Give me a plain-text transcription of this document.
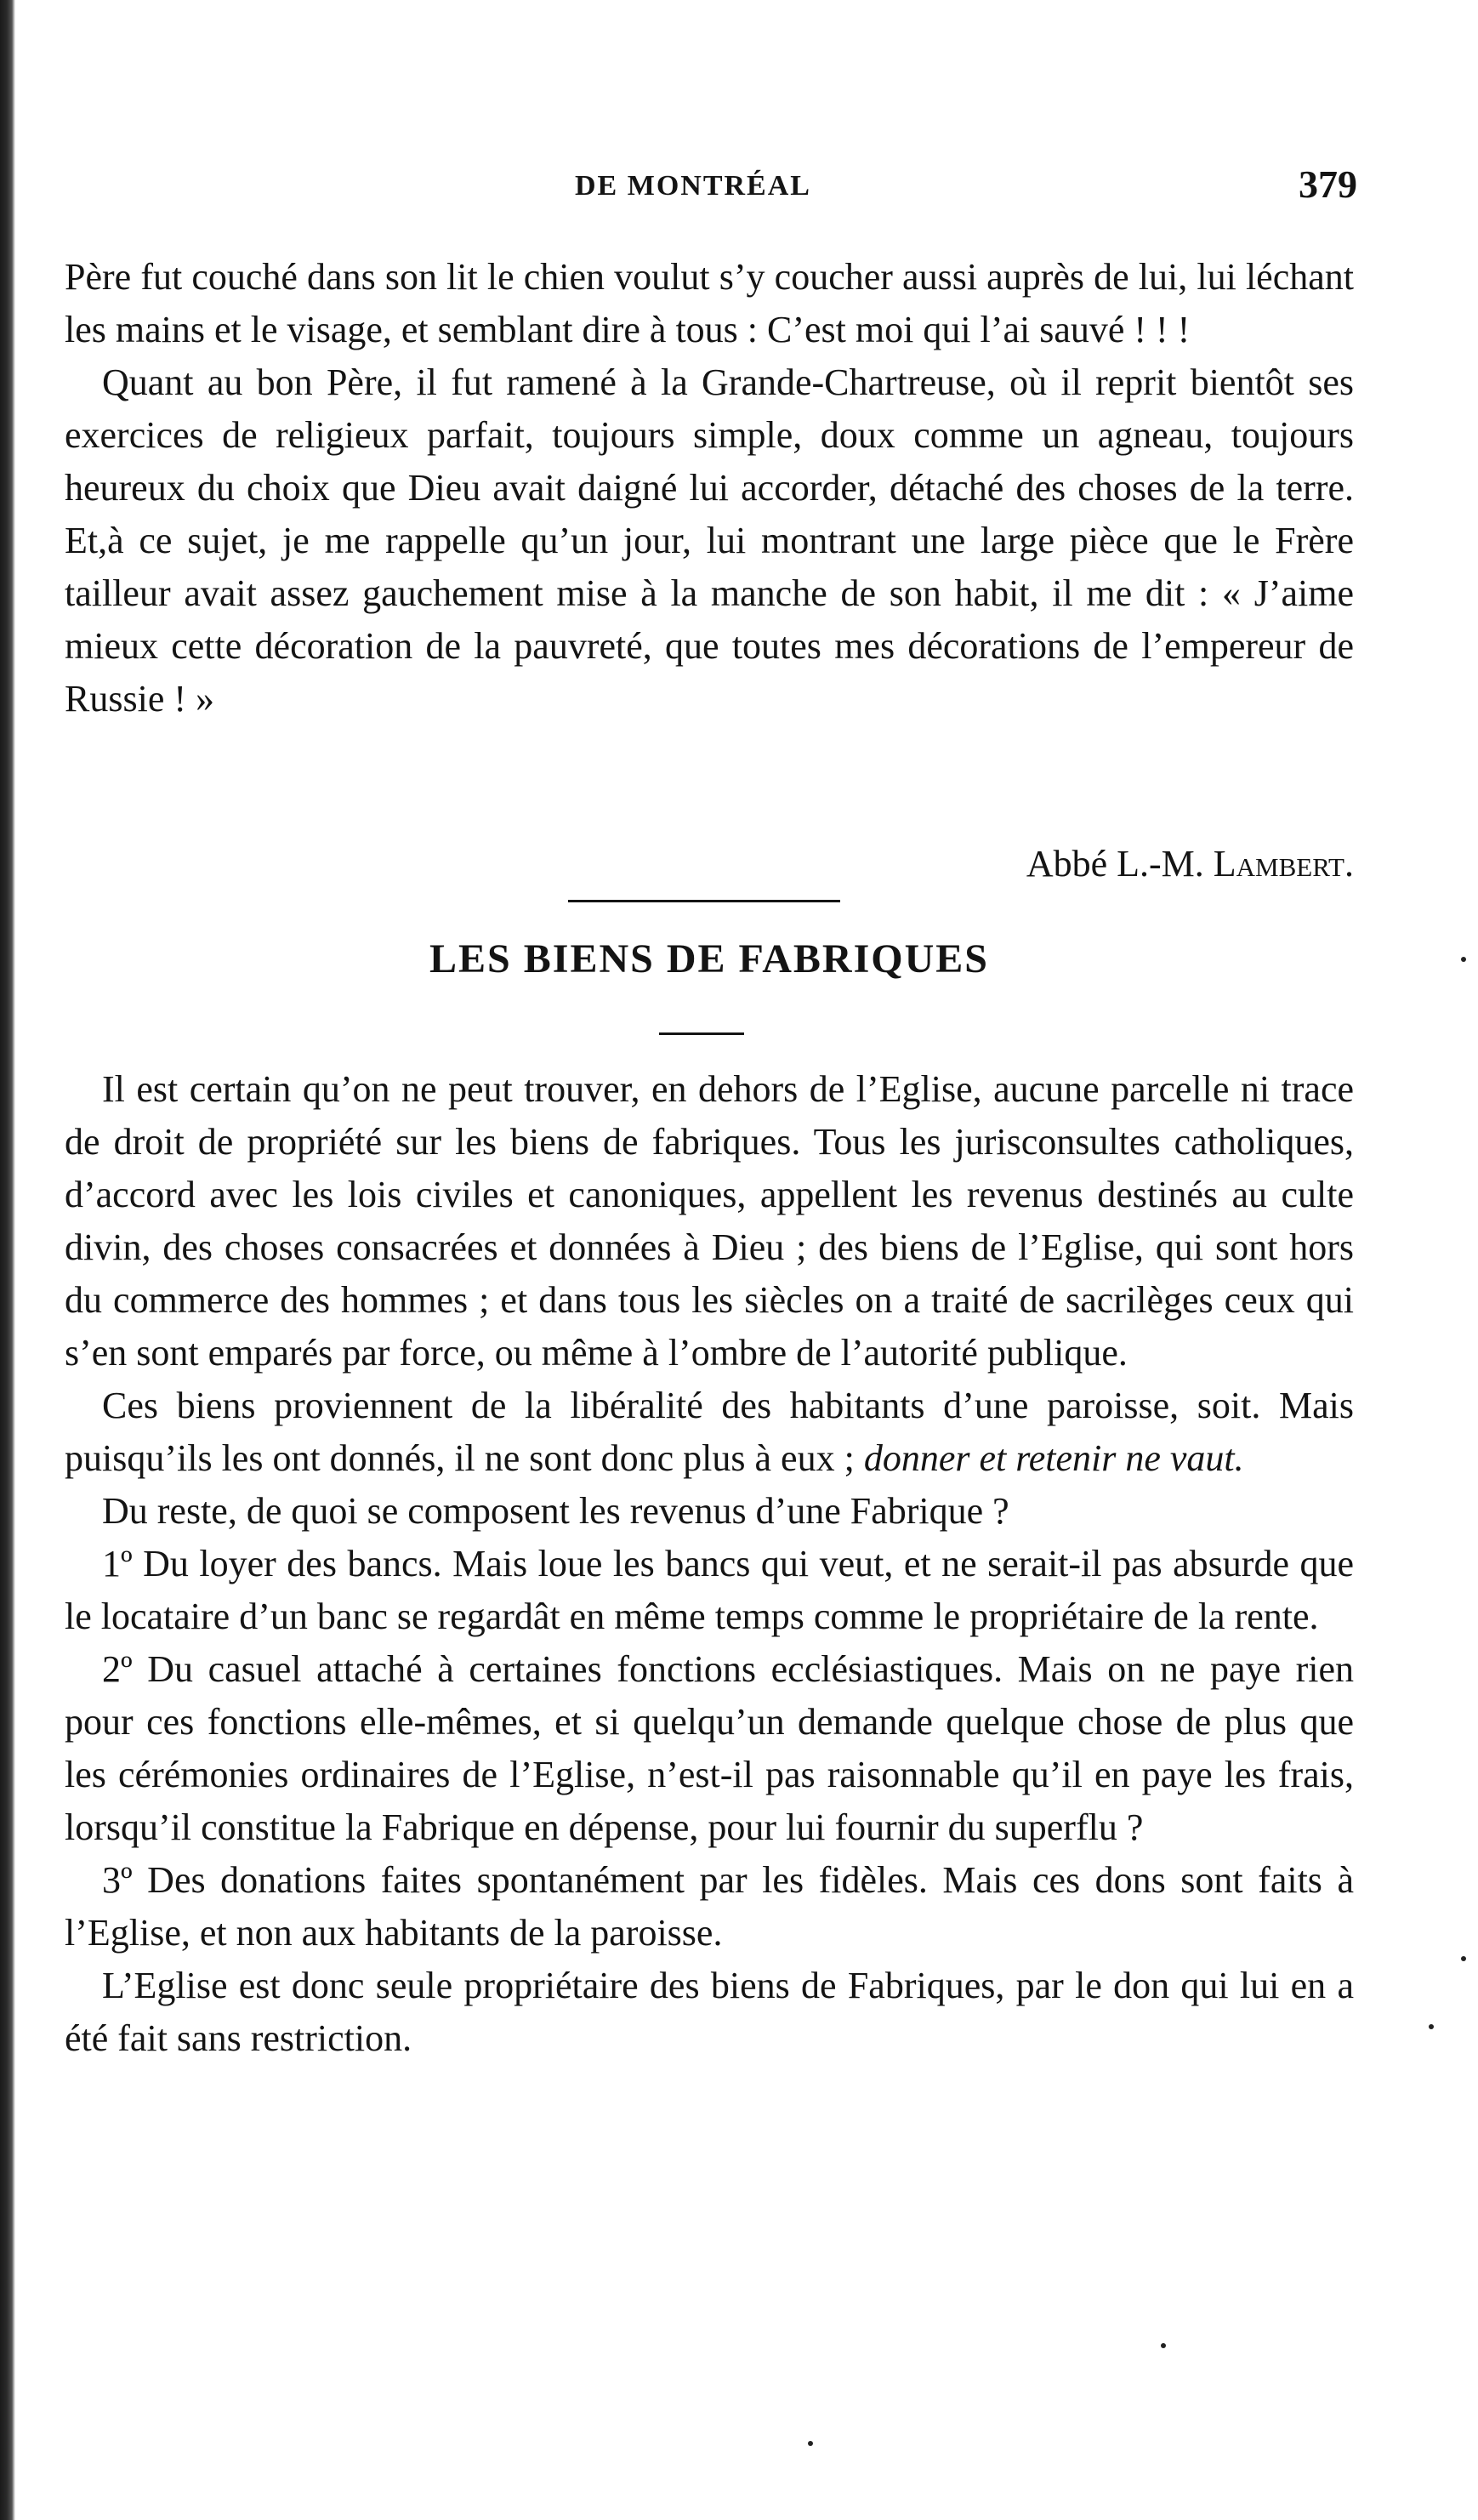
DE MONTRÉAL	379

Père fut couché dans son lit le chien voulut s’y coucher aussi auprès de lui, lui léchant les mains et le visage, et semblant dire à tous : C’est moi qui l’ai sauvé ! ! !

Quant au bon Père, il fut ramené à la Grande-Chartreuse, où il reprit bientôt ses exercices de religieux parfait, toujours simple, doux comme un agneau, toujours heureux du choix que Dieu avait daigné lui accorder, détaché des choses de la terre. Et,à ce sujet, je me rappelle qu’un jour, lui montrant une large pièce que le Frère tailleur avait assez gauchement mise à la manche de son habit, il me dit : « J’aime mieux cette décoration de la pauvreté, que toutes mes décorations de l’empereur de Russie ! »

Abbé L.-M. Lambert.
LES BIENS DE FABRIQUES

Il est certain qu’on ne peut trouver, en dehors de l’Eglise, aucune parcelle ni trace de droit de propriété sur les biens de fabriques. Tous les jurisconsultes catholiques, d’accord avec les lois civiles et canoniques, appellent les revenus destinés au culte divin, des choses consacrées et données à Dieu ; des biens de l’Eglise, qui sont hors du commerce des hommes ; et dans tous les siècles on a traité de sacrilèges ceux qui s’en sont emparés par force, ou même à l’ombre de l’autorité publique.

Ces biens proviennent de la libéralité des habitants d’une paroisse, soit. Mais puisqu’ils les ont donnés, il ne sont donc plus à eux ; donner et retenir ne vaut.

Du reste, de quoi se composent les revenus d’une Fabrique ?

1º Du loyer des bancs. Mais loue les bancs qui veut, et ne serait-il pas absurde que le locataire d’un banc se regardât en même temps comme le propriétaire de la rente.

2º Du casuel attaché à certaines fonctions ecclésiastiques. Mais on ne paye rien pour ces fonctions elle-mêmes, et si quelqu’un demande quelque chose de plus que les cérémonies ordinaires de l’Eglise, n’est-il pas raisonnable qu’il en paye les frais, lorsqu’il constitue la Fabrique en dépense, pour lui fournir du superflu ?

3º Des donations faites spontanément par les fidèles. Mais ces dons sont faits à l’Eglise, et non aux habitants de la paroisse.

L’Eglise est donc seule propriétaire des biens de Fabriques, par le don qui lui en a été fait sans restriction.
